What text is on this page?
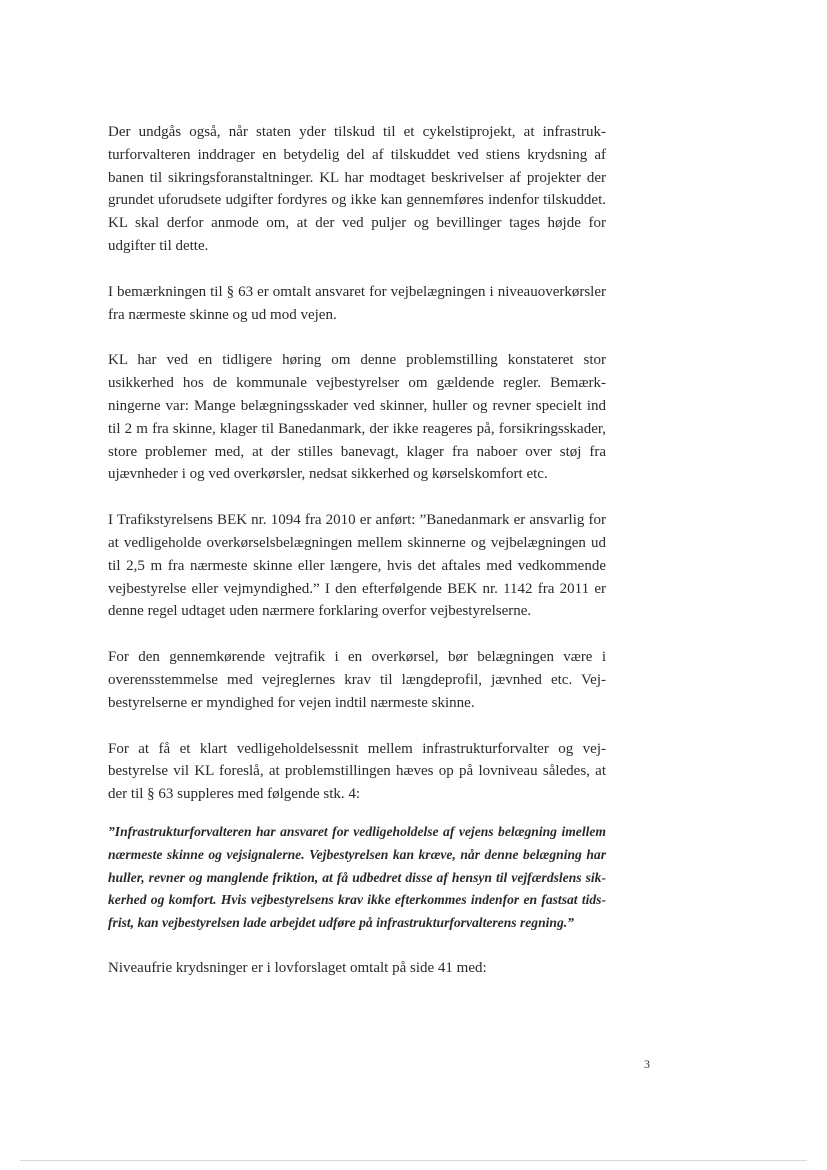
Der undgås også, når staten yder tilskud til et cykelstiprojekt, at infrastrukturforvalteren inddrager en betydelig del af tilskuddet ved stiens krydsning af banen til sikringsforanstaltninger. KL har modtaget beskrivelser af projekter der grundet uforudsete udgifter fordyres og ikke kan gennemføres indenfor tilskuddet. KL skal derfor anmode om, at der ved puljer og bevillinger tages højde for udgifter til dette.

I bemærkningen til § 63 er omtalt ansvaret for vejbelægningen i niveauoverkørsler fra nærmeste skinne og ud mod vejen.

KL har ved en tidligere høring om denne problemstilling konstateret stor usikkerhed hos de kommunale vejbestyrelser om gældende regler. Bemærkningerne var: Mange belægningsskader ved skinner, huller og revner specielt ind til 2 m fra skinne, klager til Banedanmark, der ikke reageres på, forsikringsskader, store problemer med, at der stilles banevagt, klager fra naboer over støj fra ujævnheder i og ved overkørsler, nedsat sikkerhed og kørselskomfort etc.

I Trafikstyrelsens BEK nr. 1094 fra 2010 er anført: ”Banedanmark er ansvarlig for at vedligeholde overkørselsbelægningen mellem skinnerne og vejbelægningen ud til 2,5 m fra nærmeste skinne eller længere, hvis det aftales med vedkommende vejbestyrelse eller vejmyndighed.” I den efterfølgende BEK nr. 1142 fra 2011 er denne regel udtaget uden nærmere forklaring overfor vejbestyrelserne.

For den gennemkørende vejtrafik i en overkørsel, bør belægningen være i overensstemmelse med vejreglernes krav til længdeprofil, jævnhed etc. Vejbestyrelserne er myndighed for vejen indtil nærmeste skinne.

For at få et klart vedligeholdelsessnit mellem infrastrukturforvalter og vejbestyrelse vil KL foreslå, at problemstillingen hæves op på lovniveau således, at der til § 63 suppleres med følgende stk. 4:

”Infrastrukturforvalteren har ansvaret for vedligeholdelse af vejens belægning imellem nærmeste skinne og vejsignalerne. Vejbestyrelsen kan kræve, når denne belægning har huller, revner og manglende friktion, at få udbedret disse af hensyn til vejfærdslens sikkerhed og komfort. Hvis vejbestyrelsens krav ikke efterkommes indenfor en fastsat tidsfrist, kan vejbestyrelsen lade arbejdet udføre på infrastrukturforvalterens regning.”

Niveaufrie krydsninger er i lovforslaget omtalt på side 41 med:

3
